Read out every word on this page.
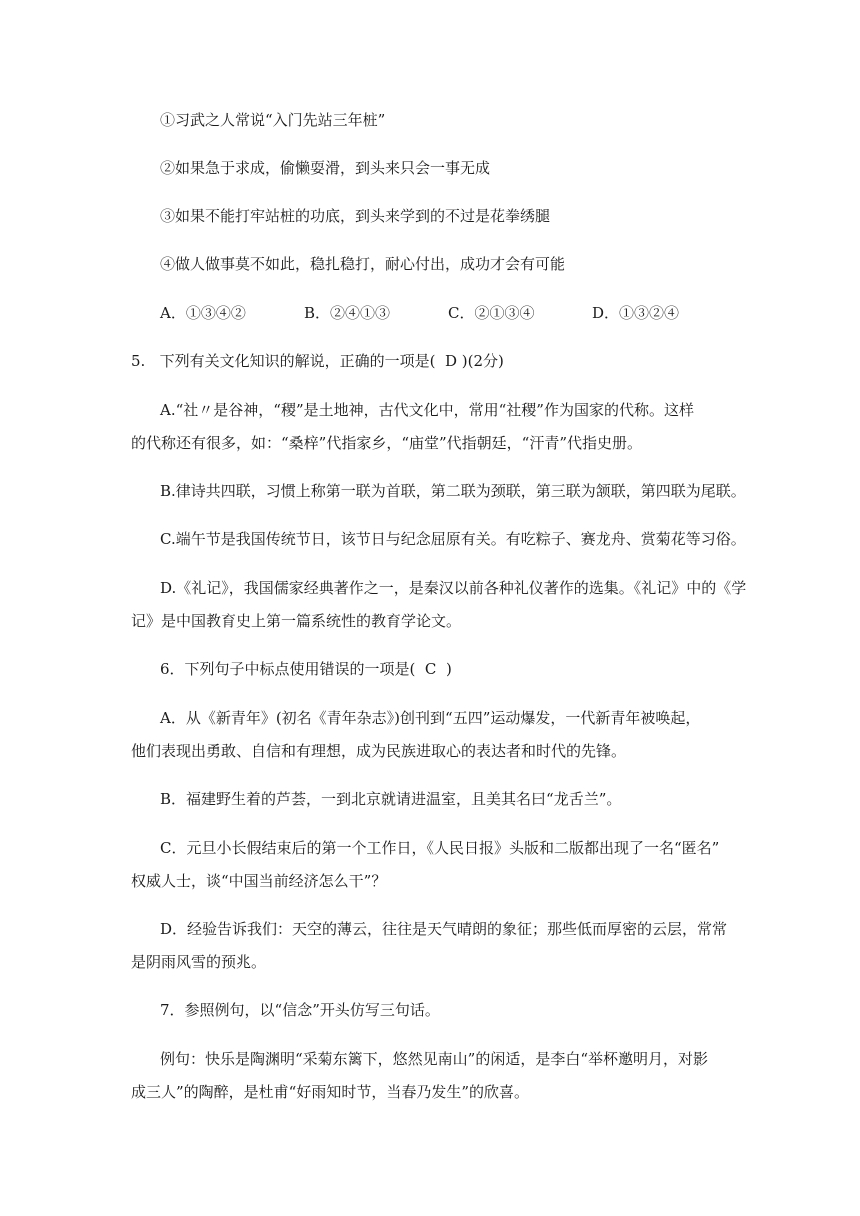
①习武之人常说“入门先站三年桩”
②如果急于求成，偷懒耍滑，到头来只会一事无成
③如果不能打牢站桩的功底，到头来学到的不过是花拳绣腿
④做人做事莫不如此，稳扎稳打，耐心付出，成功才会有可能
A．①③④②	B．②④①③	C．②①③④	D．①③②④
5.   下列有关文化知识的解说，正确的一项是(  D )(2分)
A.“社〃是谷神，“稷”是土地神，古代文化中，常用“社稷”作为国家的代称。这样
的代称还有很多，如：“桑梓”代指家乡，“庙堂”代指朝廷，“汗青”代指史册。
B.律诗共四联，习惯上称第一联为首联，第二联为颈联，第三联为颔联，第四联为尾联。
C.端午节是我国传统节日，该节日与纪念屈原有关。有吃粽子、赛龙舟、赏菊花等习俗。
D.《礼记》，我国儒家经典著作之一，是秦汉以前各种礼仪著作的选集。《礼记》中的《学
记》是中国教育史上第一篇系统性的教育学论文。
6．下列句子中标点使用错误的一项是(  C  )
A．从《新青年》(初名《青年杂志》)创刊到“五四”运动爆发，一代新青年被唤起，
他们表现出勇敢、自信和有理想，成为民族进取心的表达者和时代的先锋。
B．福建野生着的芦荟，一到北京就请进温室，且美其名曰“龙舌兰”。
C．元旦小长假结束后的第一个工作日，《人民日报》头版和二版都出现了一名“匿名”
权威人士，谈“中国当前经济怎么干”？
D．经验告诉我们：天空的薄云，往往是天气晴朗的象征；那些低而厚密的云层，常常
是阴雨风雪的预兆。
7．参照例句，以“信念”开头仿写三句话。
例句：快乐是陶渊明“采菊东篱下，悠然见南山”的闲适，是李白“举杯邀明月，对影
成三人”的陶醉，是杜甫“好雨知时节，当春乃发生”的欣喜。
